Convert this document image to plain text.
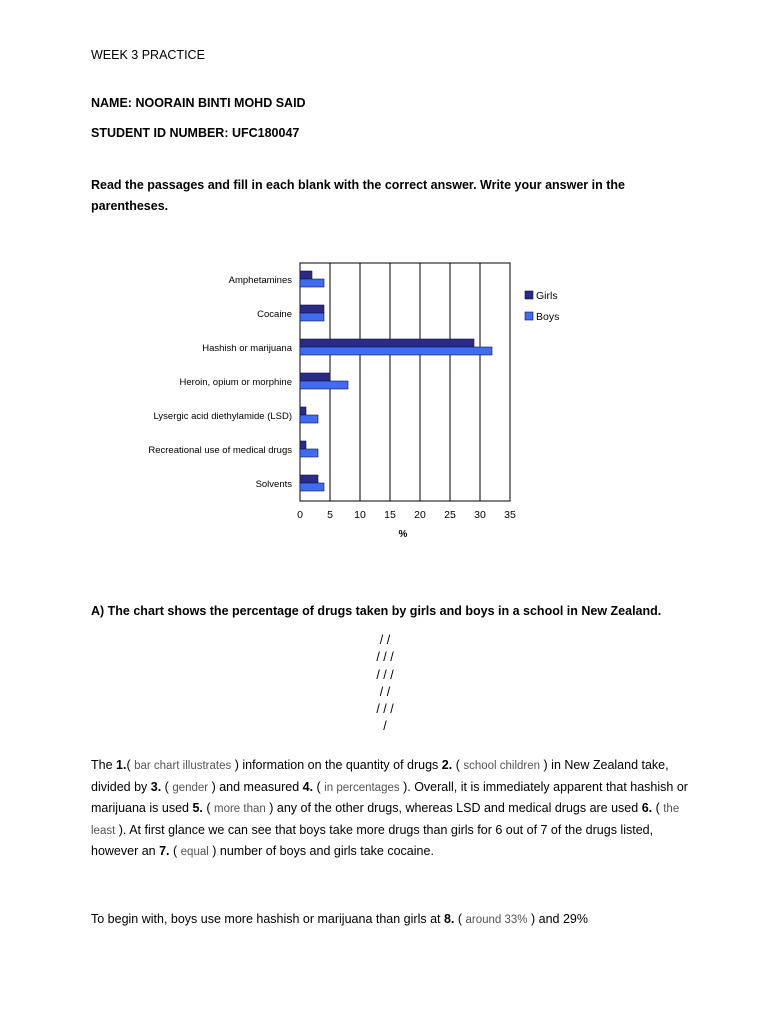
WEEK 3 PRACTICE
NAME: NOORAIN BINTI MOHD SAID
STUDENT ID NUMBER: UFC180047
Read the passages and fill in each blank with the correct answer. Write your answer in the parentheses.
Amphetamines
Cocaine
Hashish or marijuana
Heroin, opium or morphine
Lysergic acid diethylamide (LSD)
Recreational use of medical drugs
Solvents
0 5 10 15 20 25 30 35
%
Girls
Boys
A) The chart shows the percentage of drugs taken by girls and boys in a school in New Zealand.
/ /
/ / /
/ / /
/ /
/ / /
/
The 1.( bar chart illustrates ) information on the quantity of drugs 2. ( school children ) in New Zealand take, divided by 3. ( gender ) and measured 4. ( in percentages ). Overall, it is immediately apparent that hashish or marijuana is used 5. ( more than ) any of the other drugs, whereas LSD and medical drugs are used 6. ( the least ). At first glance we can see that boys take more drugs than girls for 6 out of 7 of the drugs listed, however an 7. ( equal ) number of boys and girls take cocaine.
To begin with, boys use more hashish or marijuana than girls at 8. ( around 33% ) and 29%
